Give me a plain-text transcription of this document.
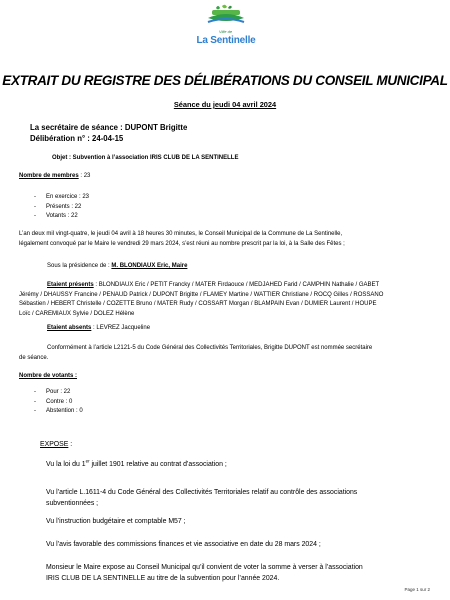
Ville de
La Sentinelle
EXTRAIT DU REGISTRE DES DÉLIBÉRATIONS DU CONSEIL MUNICIPAL
Séance du jeudi 04 avril 2024
La secrétaire de séance : DUPONT Brigitte
Délibération n° : 24-04-15
Objet : Subvention à l’association IRIS CLUB DE LA SENTINELLE
Nombre de membres : 23
- En exercice : 23
- Présents : 22
- Votants : 22
L’an deux mil vingt-quatre, le jeudi 04 avril à 18 heures 30 minutes, le Conseil Municipal de la Commune de La Sentinelle,
légalement convoqué par le Maire le vendredi 29 mars 2024, s’est réuni au nombre prescrit par la loi, à la Salle des Fêtes ;
Sous la présidence de : M. BLONDIAUX Eric, Maire
Etaient présents : BLONDIAUX Eric / PETIT Francky / MATER Firdaouce / MEDJAHED Farid / CAMPHIN Nathalie / GABET
Jérémy / DHAUSSY Francine / PENAUD Patrick / DUPONT Brigitte / FLAMEY Martine / WATTIER Christiane / ROCQ Gilles / ROSSANO
Sébastien / HEBERT Christelle / COZETTE Bruno / MATER Rudy / COSSART Morgan / BLAMPAIN Evan / DUMIER Laurent / HOUPE
Loïc / CAREMIAUX Sylvie / DOLEZ Hélène
Etaient absents : LEVREZ Jacqueline
Conformément à l’article L2121-5 du Code Général des Collectivités Territoriales, Brigitte DUPONT est nommée secrétaire
de séance.
Nombre de votants :
- Pour : 22
- Contre : 0
- Abstention : 0
EXPOSE :
Vu la loi du 1er juillet 1901 relative au contrat d’association ;
Vu l’article L.1611-4 du Code Général des Collectivités Territoriales relatif au contrôle des associations
subventionnées ;
Vu l’instruction budgétaire et comptable M57 ;
Vu l’avis favorable des commissions finances et vie associative en date du 28 mars 2024 ;
Monsieur le Maire expose au Conseil Municipal qu’il convient de voter la somme à verser à l’association
IRIS CLUB DE LA SENTINELLE au titre de la subvention pour l’année 2024.
Page 1 sur 2
